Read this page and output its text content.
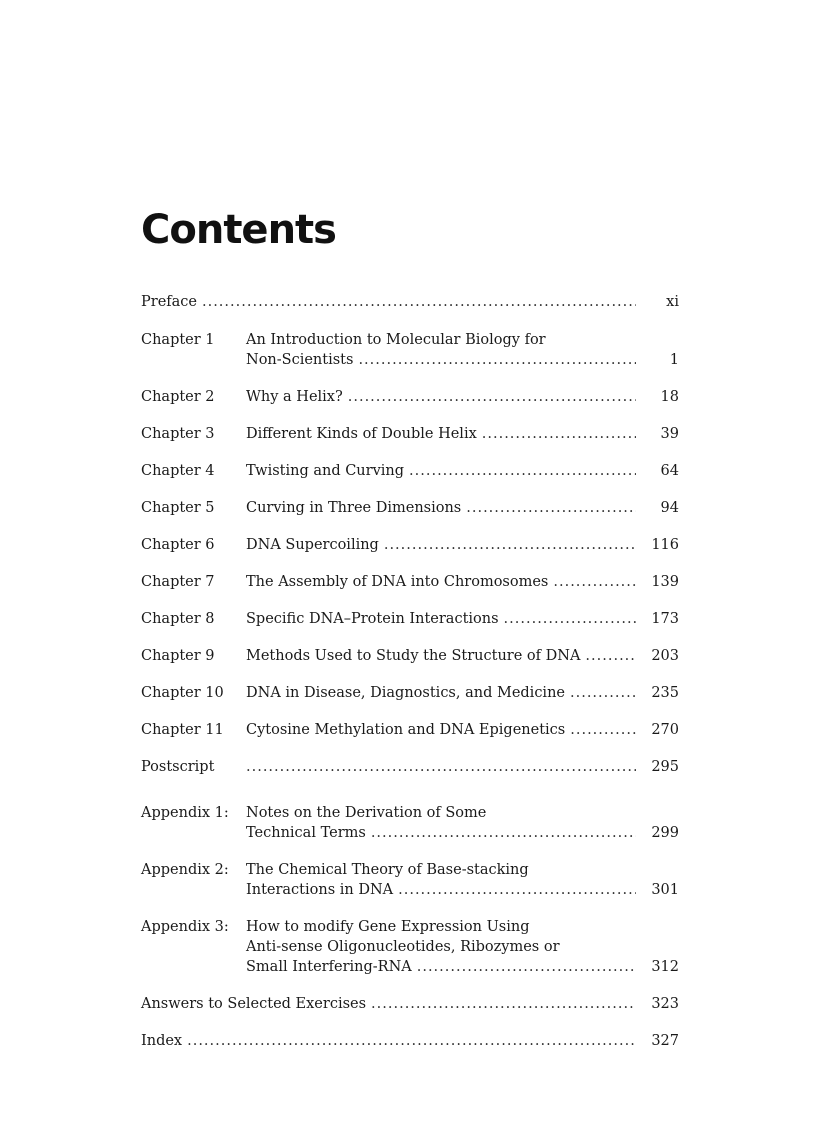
Contents
Preface .....	xi
Chapter 1 An Introduction to Molecular Biology for
Non-Scientists .....	1
Chapter 2 Why a Helix? .....	18
Chapter 3 Different Kinds of Double Helix .....	39
Chapter 4 Twisting and Curving .....	64
Chapter 5 Curving in Three Dimensions .....	94
Chapter 6 DNA Supercoiling .....	116
Chapter 7 The Assembly of DNA into Chromosomes .....	139
Chapter 8 Specific DNA–Protein Interactions .....	173
Chapter 9 Methods Used to Study the Structure of DNA .....	203
Chapter 10 DNA in Disease, Diagnostics, and Medicine .....	235
Chapter 11 Cytosine Methylation and DNA Epigenetics .....	270
Postscript .....	295
Appendix 1: Notes on the Derivation of Some
Technical Terms .....	299
Appendix 2: The Chemical Theory of Base-stacking
Interactions in DNA .....	301
Appendix 3: How to modify Gene Expression Using
Anti-sense Oligonucleotides, Ribozymes or
Small Interfering-RNA .....	312
Answers to Selected Exercises .....	323
Index .....	327
